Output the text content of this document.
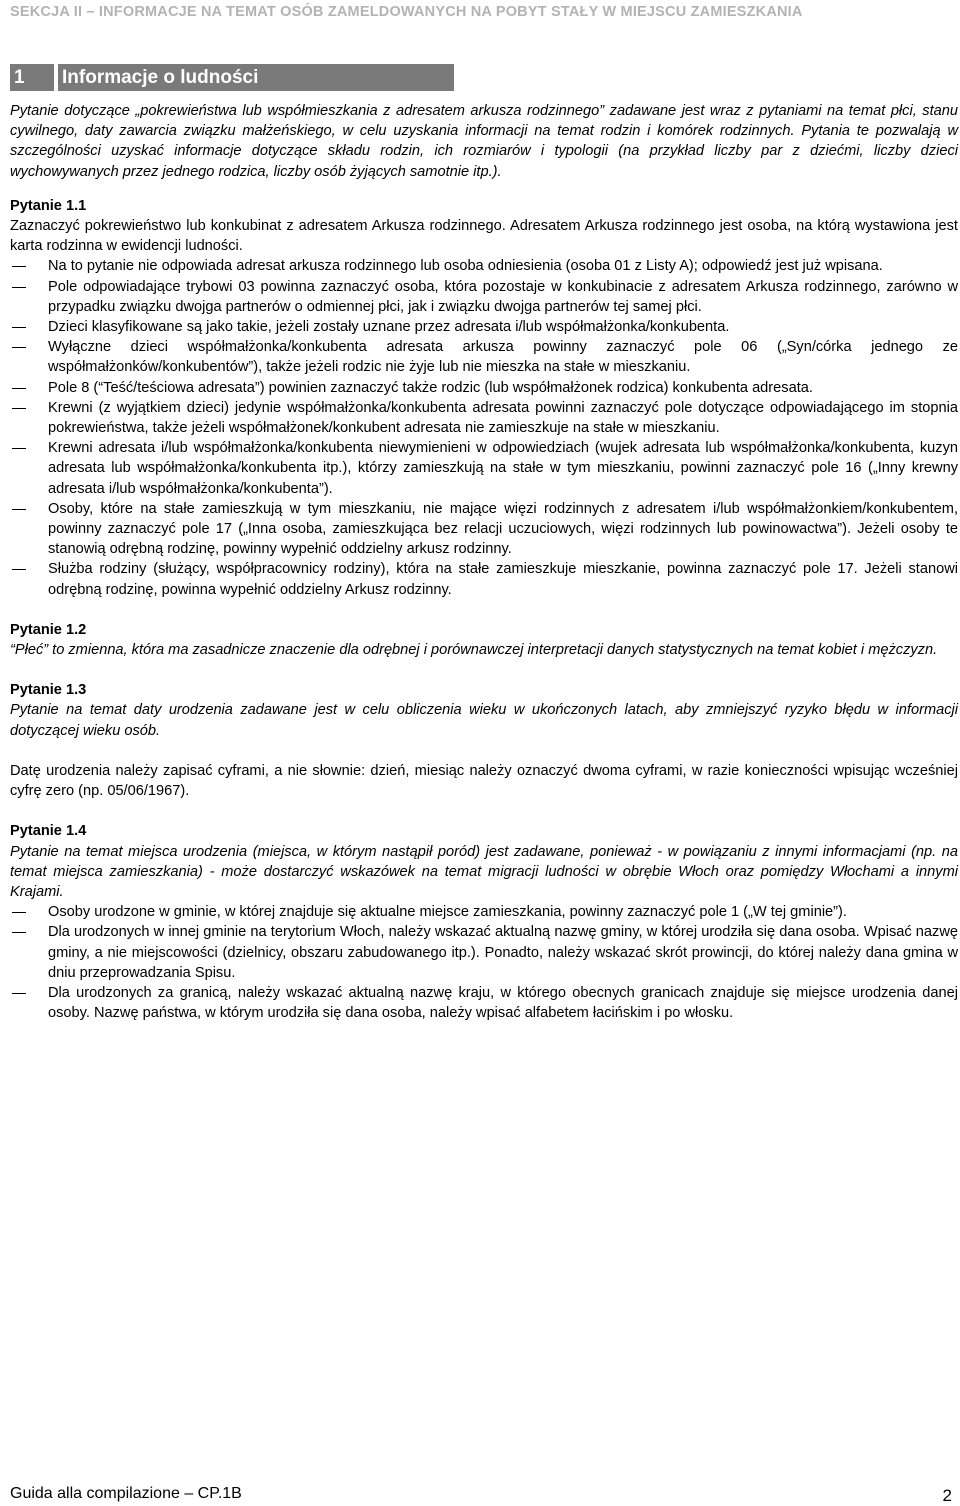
SEKCJA II – INFORMACJE NA TEMAT OSÓB ZAMELDOWANYCH NA POBYT STAŁY W MIEJSCU ZAMIESZKANIA
1	Informacje o ludności

Pytanie dotyczące „pokrewieństwa lub współmieszkania z adresatem arkusza rodzinnego” zadawane jest wraz z pytaniami na temat płci, stanu cywilnego, daty zawarcia związku małżeńskiego, w celu uzyskania informacji na temat rodzin i komórek rodzinnych. Pytania te pozwalają w szczególności uzyskać informacje dotyczące składu rodzin, ich rozmiarów i typologii (na przykład liczby par z dziećmi, liczby dzieci wychowywanych przez jednego rodzica, liczby osób żyjących samotnie itp.).

Pytanie 1.1

Zaznaczyć pokrewieństwo lub konkubinat z adresatem Arkusza rodzinnego. Adresatem Arkusza rodzinnego jest osoba, na którą wystawiona jest karta rodzinna w ewidencji ludności.

Na to pytanie nie odpowiada adresat arkusza rodzinnego lub osoba odniesienia (osoba 01 z Listy A); odpowiedź jest już wpisana.
Pole odpowiadające trybowi 03 powinna zaznaczyć osoba, która pozostaje w konkubinacie z adresatem Arkusza rodzinnego, zarówno w przypadku związku dwojga partnerów o odmiennej płci, jak i związku dwojga partnerów tej samej płci.
Dzieci klasyfikowane są jako takie, jeżeli zostały uznane przez adresata i/lub współmałżonka/konkubenta.
Wyłączne dzieci współmałżonka/konkubenta adresata arkusza powinny zaznaczyć pole 06 („Syn/córka jednego ze współmałżonków/konkubentów”), także jeżeli rodzic nie żyje lub nie mieszka na stałe w mieszkaniu.
Pole 8 (“Teść/teściowa adresata”) powinien zaznaczyć także rodzic (lub współmałżonek rodzica) konkubenta adresata.
Krewni (z wyjątkiem dzieci) jedynie współmałżonka/konkubenta adresata powinni zaznaczyć pole dotyczące odpowiadającego im stopnia pokrewieństwa, także jeżeli współmałżonek/konkubent adresata nie zamieszkuje na stałe w mieszkaniu.
Krewni adresata i/lub współmałżonka/konkubenta niewymienieni w odpowiedziach (wujek adresata lub współmałżonka/konkubenta, kuzyn adresata lub współmałżonka/konkubenta itp.), którzy zamieszkują na stałe w tym mieszkaniu, powinni zaznaczyć pole 16 („Inny krewny adresata i/lub współmałżonka/konkubenta”).
Osoby, które na stałe zamieszkują w tym mieszkaniu, nie mające więzi rodzinnych z adresatem i/lub współmałżonkiem/konkubentem, powinny zaznaczyć pole 17 („Inna osoba, zamieszkująca bez relacji uczuciowych, więzi rodzinnych lub powinowactwa”). Jeżeli osoby te stanowią odrębną rodzinę, powinny wypełnić oddzielny arkusz rodzinny.
Służba rodziny (służący, współpracownicy rodziny), która na stałe zamieszkuje mieszkanie, powinna zaznaczyć pole 17. Jeżeli stanowi odrębną rodzinę, powinna wypełnić oddzielny Arkusz rodzinny.
Pytanie 1.2

“Płeć” to zmienna, która ma zasadnicze znaczenie dla odrębnej i porównawczej interpretacji danych statystycznych na temat kobiet i mężczyzn.

Pytanie 1.3

Pytanie na temat daty urodzenia zadawane jest w celu obliczenia wieku w ukończonych latach, aby zmniejszyć ryzyko błędu w informacji dotyczącej wieku osób.

Datę urodzenia należy zapisać cyframi, a nie słownie: dzień, miesiąc należy oznaczyć dwoma cyframi, w razie konieczności wpisując wcześniej cyfrę zero (np. 05/06/1967).

Pytanie 1.4

Pytanie na temat miejsca urodzenia (miejsca, w którym nastąpił poród) jest zadawane, ponieważ - w powiązaniu z innymi informacjami (np. na temat miejsca zamieszkania) - może dostarczyć wskazówek na temat migracji ludności w obrębie Włoch oraz pomiędzy Włochami a innymi Krajami.

Osoby urodzone w gminie, w której znajduje się aktualne miejsce zamieszkania, powinny zaznaczyć pole 1 („W tej gminie”).
Dla urodzonych w innej gminie na terytorium Włoch, należy wskazać aktualną nazwę gminy, w której urodziła się dana osoba. Wpisać nazwę gminy, a nie miejscowości (dzielnicy, obszaru zabudowanego itp.). Ponadto, należy wskazać skrót prowincji, do której należy dana gmina w dniu przeprowadzania Spisu.
Dla urodzonych za granicą, należy wskazać aktualną nazwę kraju, w którego obecnych granicach znajduje się miejsce urodzenia danej osoby. Nazwę państwa, w którym urodziła się dana osoba, należy wpisać alfabetem łacińskim i po włosku.
Guida alla compilazione – CP.1B	2
